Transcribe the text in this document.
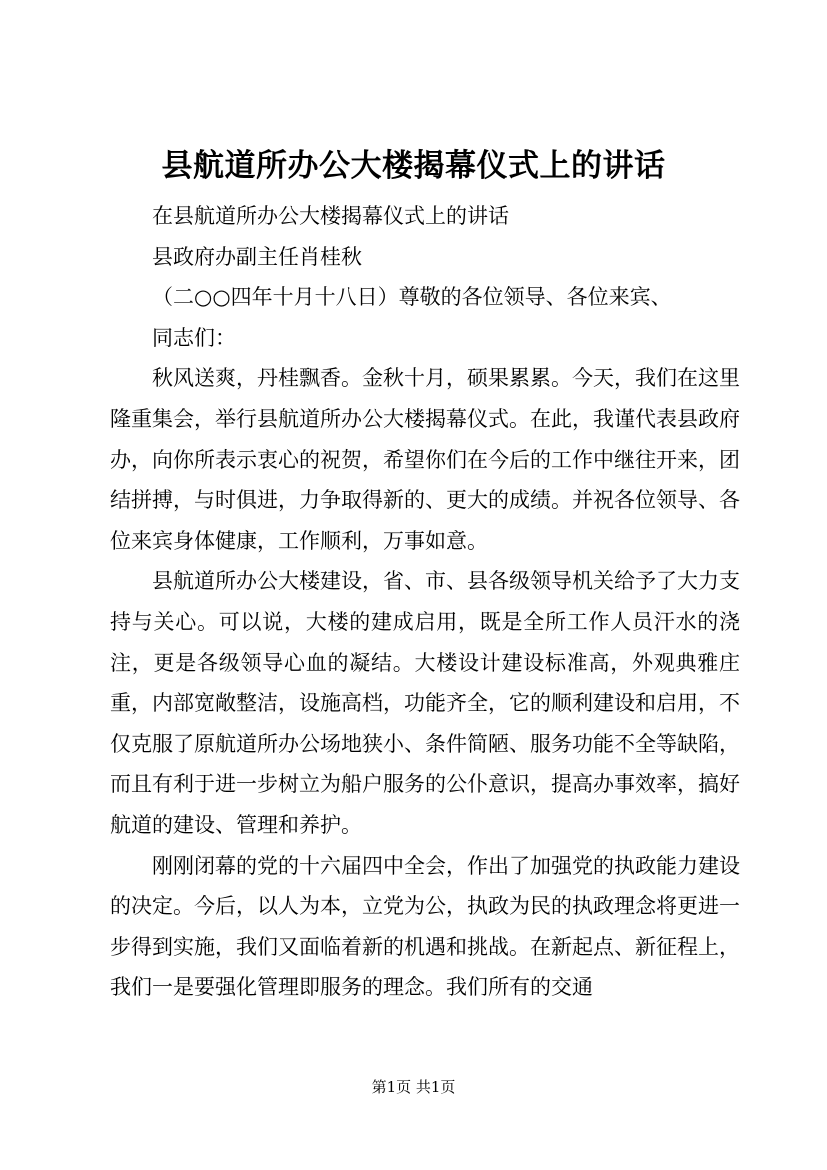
县航道所办公大楼揭幕仪式上的讲话

在县航道所办公大楼揭幕仪式上的讲话

县政府办副主任肖桂秋

（二○○四年十月十八日）尊敬的各位领导、各位来宾、

同志们：

秋风送爽，丹桂飘香。金秋十月，硕果累累。今天，我们在这里隆重集会，举行县航道所办公大楼揭幕仪式。在此，我谨代表县政府办，向你所表示衷心的祝贺，希望你们在今后的工作中继往开来，团结拼搏，与时俱进，力争取得新的、更大的成绩。并祝各位领导、各位来宾身体健康，工作顺利，万事如意。

县航道所办公大楼建设，省、市、县各级领导机关给予了大力支持与关心。可以说，大楼的建成启用，既是全所工作人员汗水的浇注，更是各级领导心血的凝结。大楼设计建设标准高，外观典雅庄重，内部宽敞整洁，设施高档，功能齐全，它的顺利建设和启用，不仅克服了原航道所办公场地狭小、条件简陋、服务功能不全等缺陷，而且有利于进一步树立为船户服务的公仆意识，提高办事效率，搞好航道的建设、管理和养护。

刚刚闭幕的党的十六届四中全会，作出了加强党的执政能力建设的决定。今后，以人为本，立党为公，执政为民的执政理念将更进一步得到实施，我们又面临着新的机遇和挑战。在新起点、新征程上，我们一是要强化管理即服务的理念。我们所有的交通

第1页 共1页
